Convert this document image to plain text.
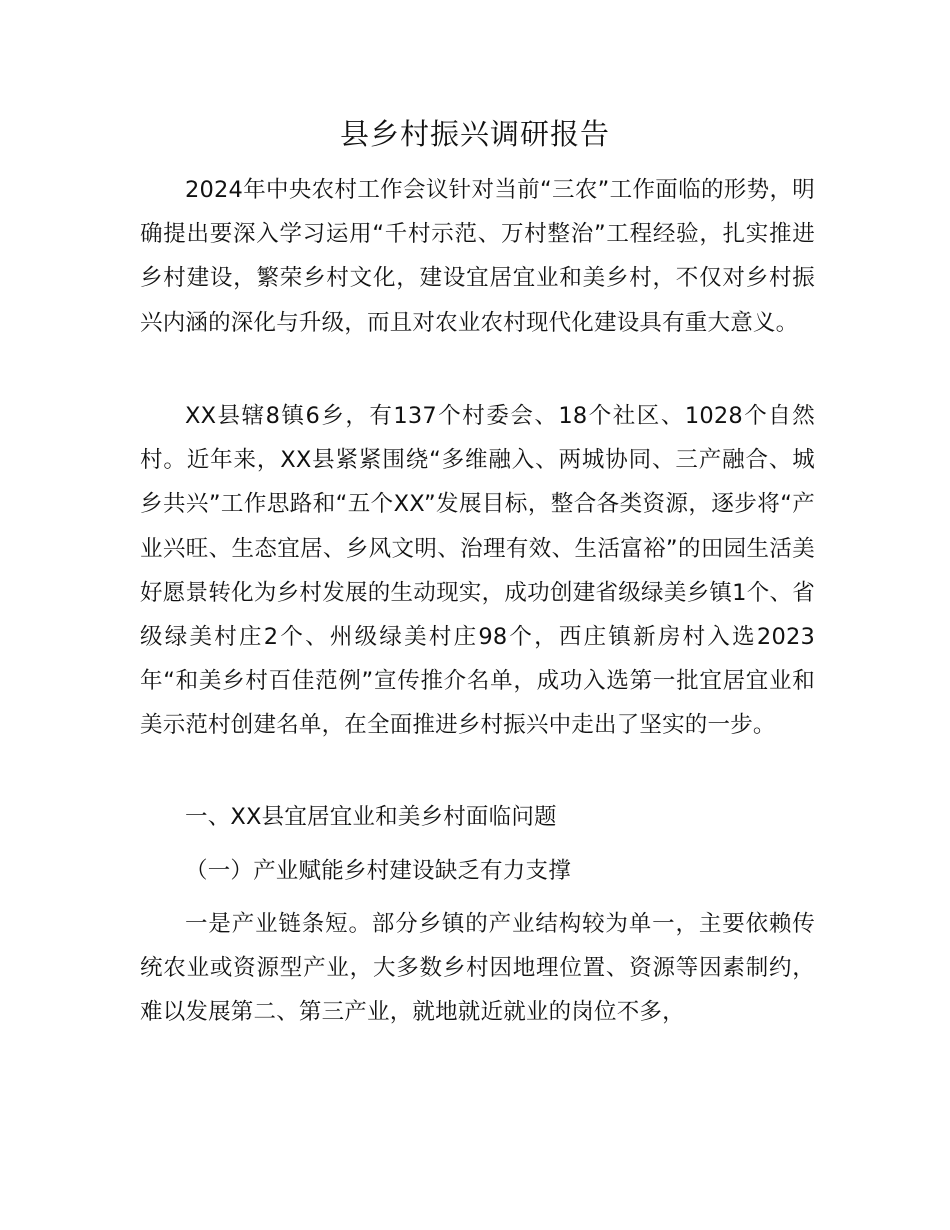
县乡村振兴调研报告

2024年中央农村工作会议针对当前“三农”工作面临的形势，明确提出要深入学习运用“千村示范、万村整治”工程经验，扎实推进乡村建设，繁荣乡村文化，建设宜居宜业和美乡村，不仅对乡村振兴内涵的深化与升级，而且对农业农村现代化建设具有重大意义。

XX县辖8镇6乡，有137个村委会、18个社区、1028个自然村。近年来，XX县紧紧围绕“多维融入、两城协同、三产融合、城乡共兴”工作思路和“五个XX”发展目标，整合各类资源，逐步将“产业兴旺、生态宜居、乡风文明、治理有效、生活富裕”的田园生活美好愿景转化为乡村发展的生动现实，成功创建省级绿美乡镇1个、省级绿美村庄2个、州级绿美村庄98个，西庄镇新房村入选2023年“和美乡村百佳范例”宣传推介名单，成功入选第一批宜居宜业和美示范村创建名单，在全面推进乡村振兴中走出了坚实的一步。

一、XX县宜居宜业和美乡村面临问题

（一）产业赋能乡村建设缺乏有力支撑

一是产业链条短。部分乡镇的产业结构较为单一，主要依赖传统农业或资源型产业，大多数乡村因地理位置、资源等因素制约，难以发展第二、第三产业，就地就近就业的岗位不多，
